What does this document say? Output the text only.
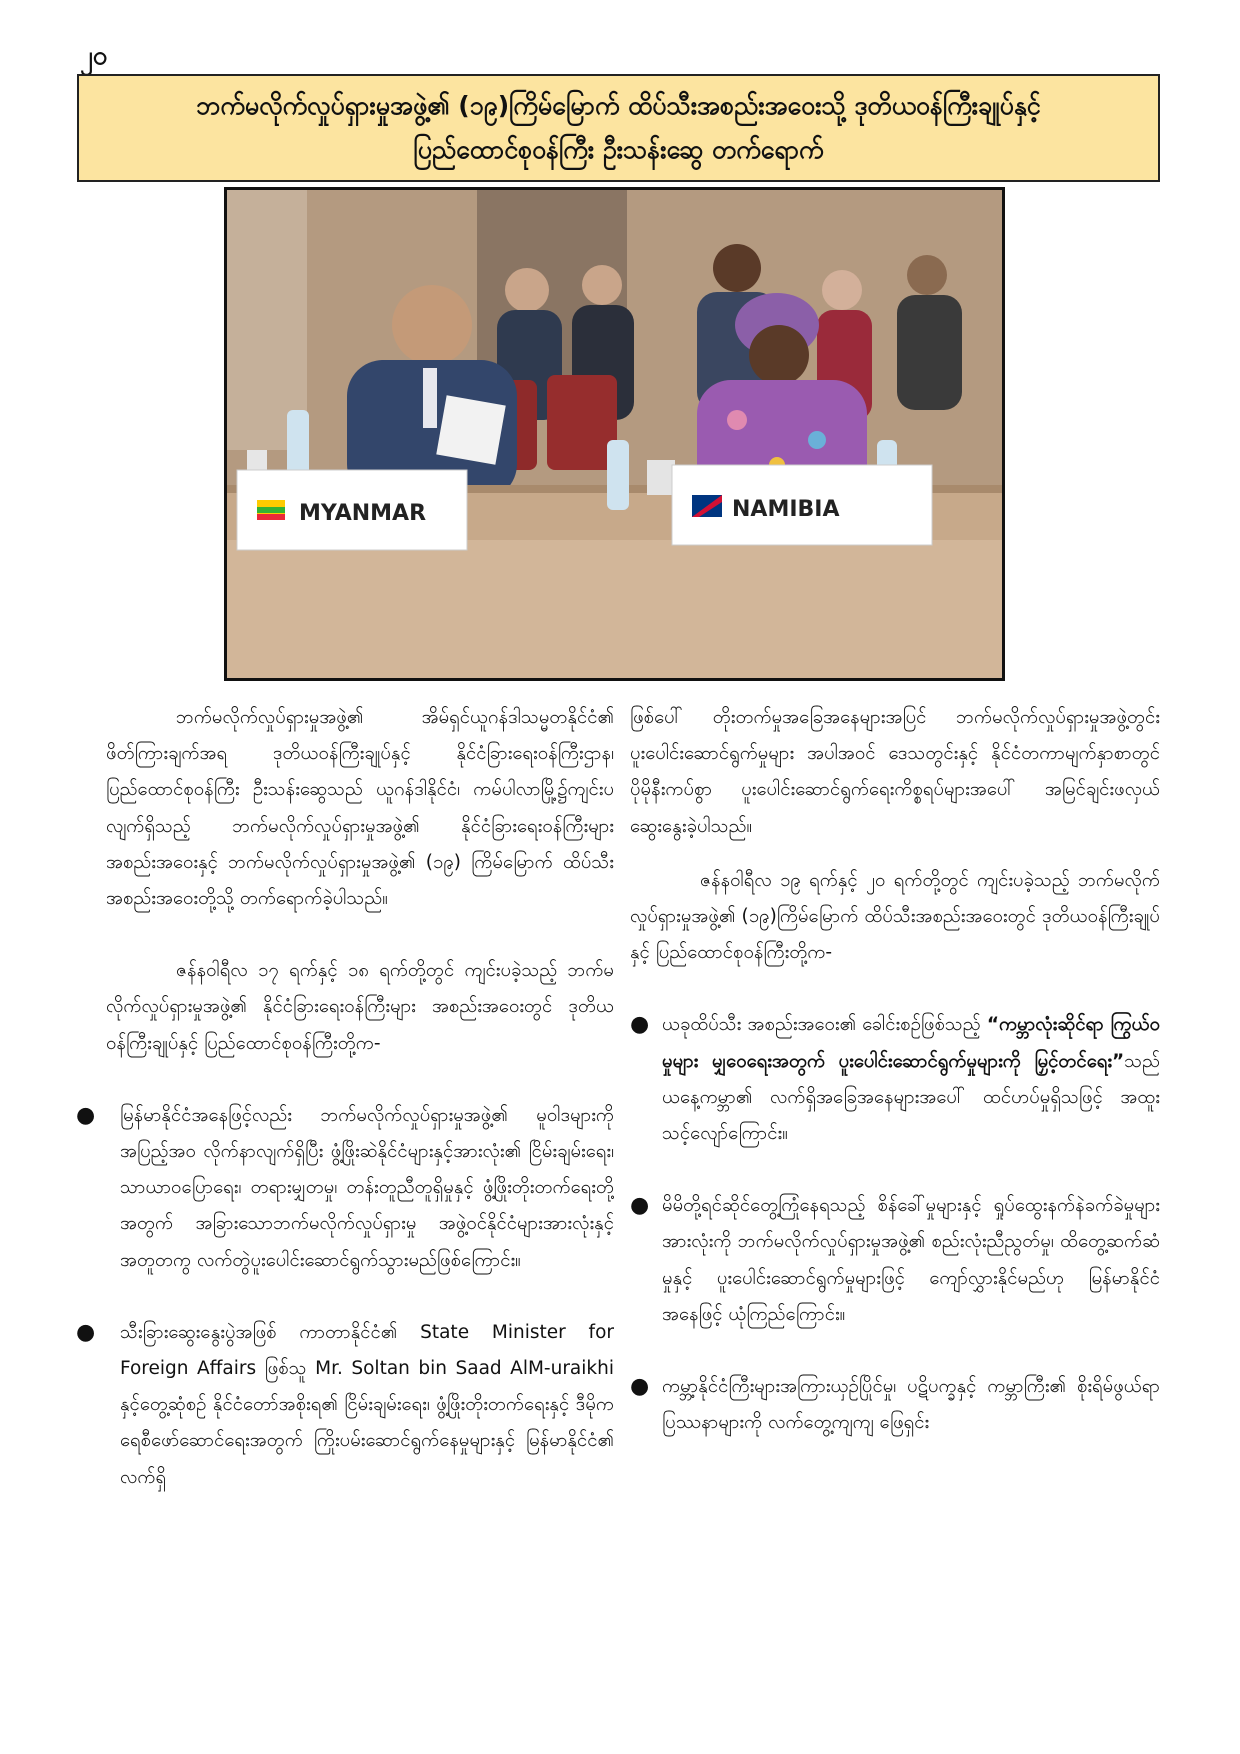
၂၀
ဘက်မလိုက်လှုပ်ရှားမှုအဖွဲ့၏ (၁၉)ကြိမ်မြောက် ထိပ်သီးအစည်းအဝေးသို့ ဒုတိယဝန်ကြီးချုပ်နှင့်
ပြည်ထောင်စုဝန်ကြီး ဦးသန်းဆွေ တက်ရောက်
MYANMAR	NAMIBIA

ဘက်မလိုက်လှုပ်ရှားမှုအဖွဲ့၏ အိမ်ရှင်ယူဂန်ဒါသမ္မတနိုင်ငံ၏ ဖိတ်ကြားချက်အရ ဒုတိယဝန်ကြီးချုပ်နှင့် နိုင်ငံခြားရေးဝန်ကြီးဌာန၊ ပြည်ထောင်စုဝန်ကြီး ဦးသန်းဆွေသည် ယူဂန်ဒါနိုင်ငံ၊ ကမ်ပါလာမြို့၌ကျင်းပလျက်ရှိသည့် ဘက်မလိုက်လှုပ်ရှားမှုအဖွဲ့၏ နိုင်ငံခြားရေးဝန်ကြီးများ အစည်းအဝေးနှင့် ဘက်မလိုက်လှုပ်ရှားမှုအဖွဲ့၏ (၁၉) ကြိမ်မြောက် ထိပ်သီးအစည်းအဝေးတို့သို့ တက်ရောက်ခဲ့ပါသည်။

ဇန်နဝါရီလ ၁၇ ရက်နှင့် ၁၈ ရက်တို့တွင် ကျင်းပခဲ့သည့် ဘက်မလိုက်လှုပ်ရှားမှုအဖွဲ့၏ နိုင်ငံခြားရေးဝန်ကြီးများ အစည်းအဝေးတွင် ဒုတိယဝန်ကြီးချုပ်နှင့် ပြည်ထောင်စုဝန်ကြီးတို့က-

● မြန်မာနိုင်ငံအနေဖြင့်လည်း ဘက်မလိုက်လှုပ်ရှားမှုအဖွဲ့၏ မူဝါဒများကို အပြည့်အဝ လိုက်နာလျက်ရှိပြီး ဖွံ့ဖြိုးဆဲနိုင်ငံများနှင့်အားလုံး၏ ငြိမ်းချမ်းရေး၊ သာယာဝပြောရေး၊ တရားမျှတမှု၊ တန်းတူညီတူရှိမှုနှင့် ဖွံ့ဖြိုးတိုးတက်ရေးတို့အတွက် အခြားသောဘက်မလိုက်လှုပ်ရှားမှု အဖွဲ့ဝင်နိုင်ငံများအားလုံးနှင့် အတူတကွ လက်တွဲပူးပေါင်းဆောင်ရွက်သွားမည်ဖြစ်ကြောင်း။
● သီးခြားဆွေးနွေးပွဲအဖြစ် ကာတာနိုင်ငံ၏ State Minister for Foreign Affairs ဖြစ်သူ Mr. Soltan bin Saad AlM-uraikhi နှင့်တွေ့ဆုံစဉ် နိုင်ငံတော်အစိုးရ၏ ငြိမ်းချမ်းရေး၊ ဖွံ့ဖြိုးတိုးတက်ရေးနှင့် ဒီမိုကရေစီဖော်ဆောင်ရေးအတွက် ကြိုးပမ်းဆောင်ရွက်နေမှုများနှင့် မြန်မာနိုင်ငံ၏ လက်ရှိ

ဖြစ်ပေါ် တိုးတက်မှုအခြေအနေများအပြင် ဘက်မလိုက်လှုပ်ရှားမှုအဖွဲ့တွင်း ပူးပေါင်းဆောင်ရွက်မှုများ အပါအဝင် ဒေသတွင်းနှင့် နိုင်ငံတကာမျက်နှာစာတွင် ပိုမိုနီးကပ်စွာ ပူးပေါင်းဆောင်ရွက်ရေးကိစ္စရပ်များအပေါ် အမြင်ချင်းဖလှယ် ဆွေးနွေးခဲ့ပါသည်။

ဇန်နဝါရီလ ၁၉ ရက်နှင့် ၂၀ ရက်တို့တွင် ကျင်းပခဲ့သည့် ဘက်မလိုက်လှုပ်ရှားမှုအဖွဲ့၏ (၁၉)ကြိမ်မြောက် ထိပ်သီးအစည်းအဝေးတွင် ဒုတိယဝန်ကြီးချုပ်နှင့် ပြည်ထောင်စုဝန်ကြီးတို့က-

● ယခုထိပ်သီး အစည်းအဝေး၏ ခေါင်းစဉ်ဖြစ်သည့် “ကမ္ဘာလုံးဆိုင်ရာ ကြွယ်ဝမှုများ မျှဝေရေးအတွက် ပူးပေါင်းဆောင်ရွက်မှုများကို မြှင့်တင်ရေး”သည် ယနေ့ကမ္ဘာ၏ လက်ရှိအခြေအနေများအပေါ် ထင်ဟပ်မှုရှိသဖြင့် အထူးသင့်လျော်ကြောင်း။
● မိမိတို့ရင်ဆိုင်တွေ့ကြုံနေရသည့် စိန်ခေါ်မှုများနှင့် ရှုပ်ထွေးနက်နဲခက်ခဲမှုများအားလုံးကို ဘက်မလိုက်လှုပ်ရှားမှုအဖွဲ့၏ စည်းလုံးညီညွတ်မှု၊ ထိတွေ့ဆက်ဆံမှုနှင့် ပူးပေါင်းဆောင်ရွက်မှုများဖြင့် ကျော်လွှားနိုင်မည်ဟု မြန်မာနိုင်ငံအနေဖြင့် ယုံကြည်ကြောင်း။
● ကမ္ဘာ့နိုင်ငံကြီးများအကြားယှဉ်ပြိုင်မှု၊ ပဋိပက္ခနှင့် ကမ္ဘာကြီး၏ စိုးရိမ်ဖွယ်ရာ ပြဿနာများကို လက်တွေ့ကျကျ ဖြေရှင်း
